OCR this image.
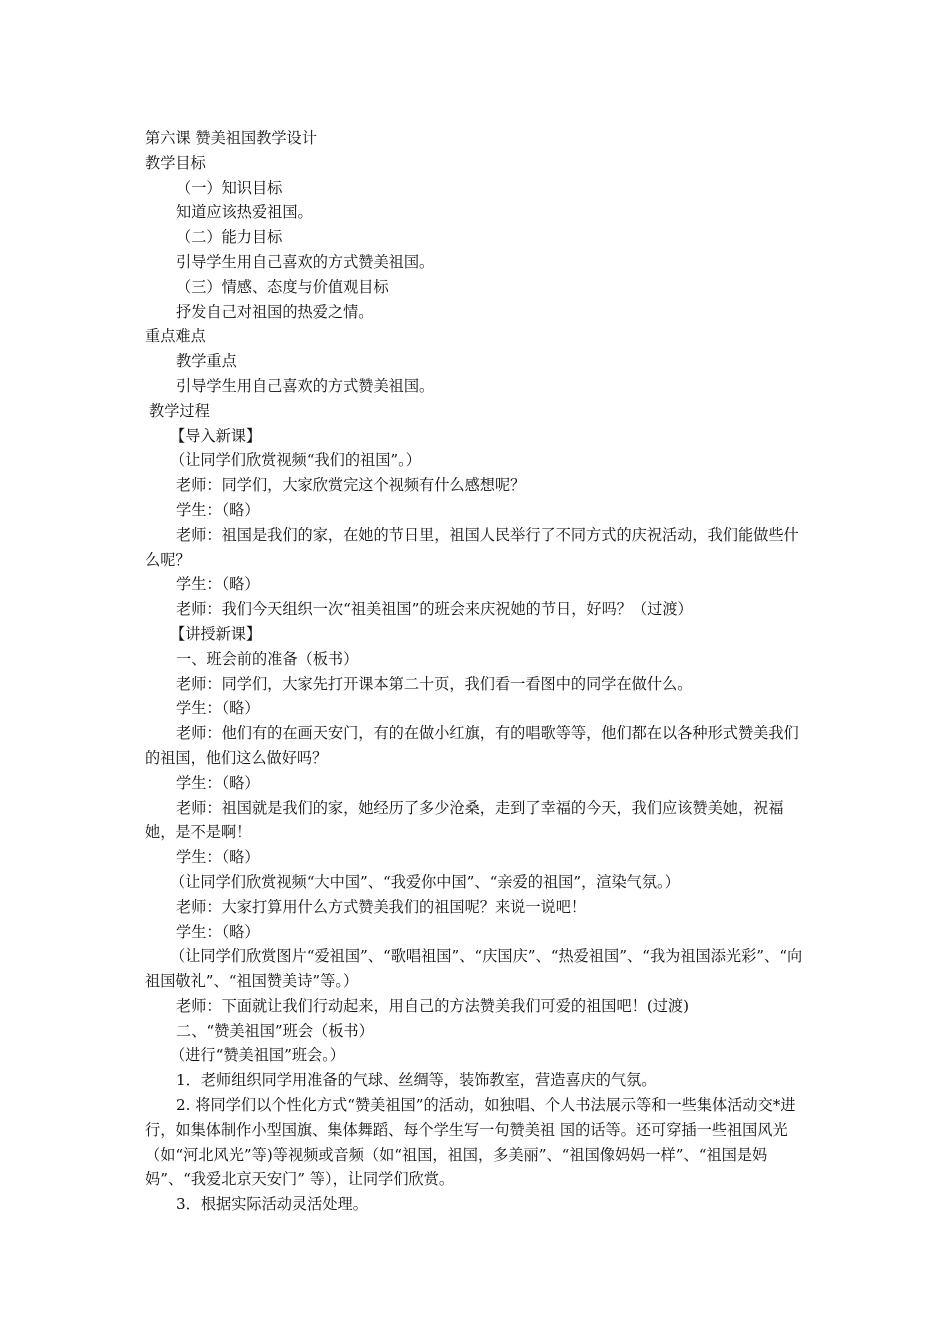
第六课 赞美祖国教学设计

教学目标

（一）知识目标

知道应该热爱祖国。

（二）能力目标

引导学生用自己喜欢的方式赞美祖国。

（三）情感、态度与价值观目标

抒发自己对祖国的热爱之情。

重点难点

教学重点

引导学生用自己喜欢的方式赞美祖国。

教学过程

【导入新课】

（让同学们欣赏视频“我们的祖国”。）

老师：同学们，大家欣赏完这个视频有什么感想呢？

学生：（略）

老师：祖国是我们的家，在她的节日里，祖国人民举行了不同方式的庆祝活动，我们能做些什么呢？

学生：（略）

老师：我们今天组织一次“祖美祖国”的班会来庆祝她的节日，好吗？（过渡）

【讲授新课】

一、班会前的准备（板书）

老师：同学们，大家先打开课本第二十页，我们看一看图中的同学在做什么。

学生：（略）

老师：他们有的在画天安门，有的在做小红旗，有的唱歌等等，他们都在以各种形式赞美我们的祖国，他们这么做好吗？

学生：（略）

老师：祖国就是我们的家，她经历了多少沧桑，走到了幸福的今天，我们应该赞美她，祝福她，是不是啊！

学生：（略）

（让同学们欣赏视频“大中国”、“我爱你中国”、“亲爱的祖国”，渲染气氛。）

老师：大家打算用什么方式赞美我们的祖国呢？来说一说吧！

学生：（略）

（让同学们欣赏图片“爱祖国”、“歌唱祖国”、“庆国庆”、“热爱祖国”、“我为祖国添光彩”、“向祖国敬礼”、“祖国赞美诗”等。）

老师：下面就让我们行动起来，用自己的方法赞美我们可爱的祖国吧！(过渡)

二、“赞美祖国”班会（板书）

（进行“赞美祖国”班会。）

1．老师组织同学用准备的气球、丝绸等，装饰教室，营造喜庆的气氛。

2. 将同学们以个性化方式“赞美祖国”的活动，如独唱、个人书法展示等和一些集体活动交*进行，如集体制作小型国旗、集体舞蹈、每个学生写一句赞美祖 国的话等。还可穿插一些祖国风光（如“河北风光”等)等视频或音频（如“祖国，祖国，多美丽”、“祖国像妈妈一样”、“祖国是妈妈”、“我爱北京天安门” 等），让同学们欣赏。

3．根据实际活动灵活处理。
